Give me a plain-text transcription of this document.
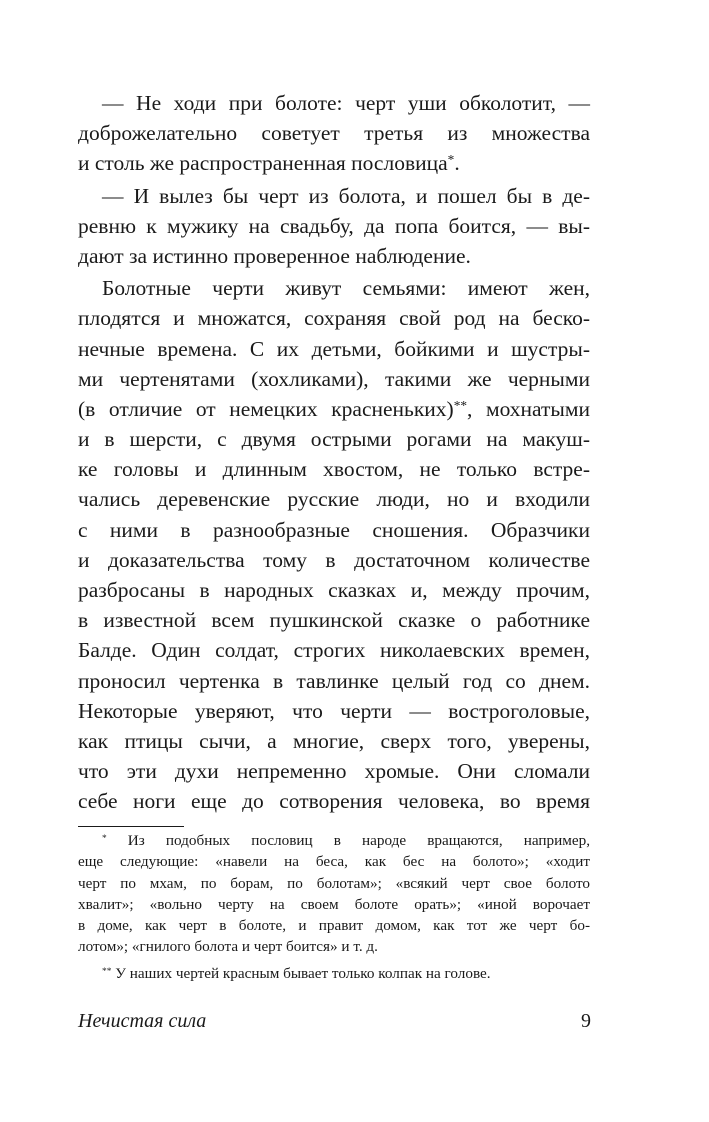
— Не ходи при болоте: черт уши обколотит, —
доброжелательно советует третья из множества
и столь же распространенная пословица*.
— И вылез бы черт из болота, и пошел бы в де-
ревню к мужику на свадьбу, да попа боится, — вы-
дают за истинно проверенное наблюдение.
Болотные черти живут семьями: имеют жен,
плодятся и множатся, сохраняя свой род на беско-
нечные времена. С их детьми, бойкими и шустры-
ми чертенятами (хохликами), такими же черными
(в отличие от немецких красненьких)**, мохнатыми
и в шерсти, с двумя острыми рогами на макуш-
ке головы и длинным хвостом, не только встре-
чались деревенские русские люди, но и входили
с ними в разнообразные сношения. Образчики
и доказательства тому в достаточном количестве
разбросаны в народных сказках и, между прочим,
в известной всем пушкинской сказке о работнике
Балде. Один солдат, строгих николаевских времен,
проносил чертенка в тавлинке целый год со днем.
Некоторые уверяют, что черти — востроголовые,
как птицы сычи, а многие, сверх того, уверены,
что эти духи непременно хромые. Они сломали
себе ноги еще до сотворения человека, во время
* Из подобных пословиц в народе вращаются, например,
еще следующие: «навели на беса, как бес на болото»; «ходит
черт по мхам, по борам, по болотам»; «всякий черт свое болото
хвалит»; «вольно черту на своем болоте орать»; «иной ворочает
в доме, как черт в болоте, и правит домом, как тот же черт бо-
лотом»; «гнилого болота и черт боится» и т. д.
** У наших чертей красным бывает только колпак на голове.
Нечистая сила	9
